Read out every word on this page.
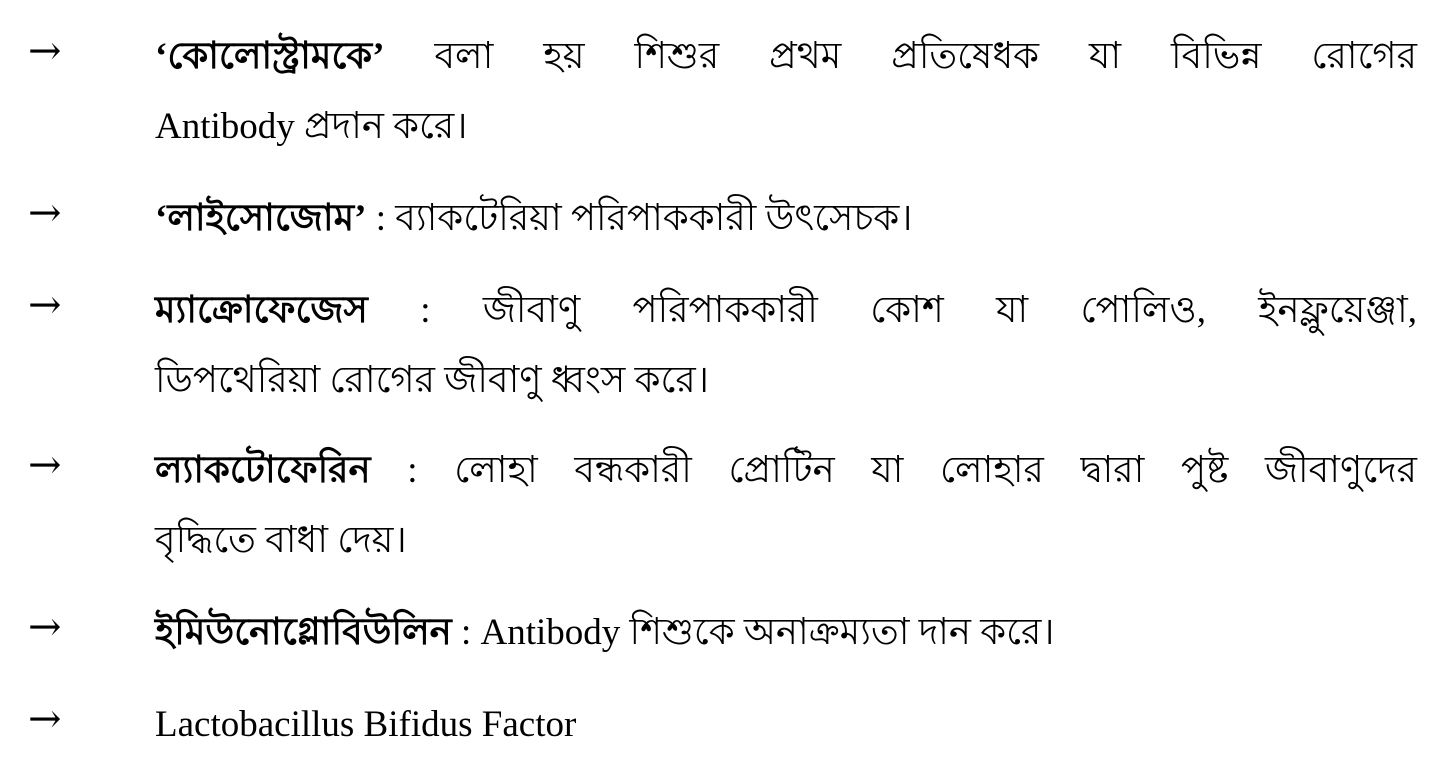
→	‘কোলোস্ট্রামকে’ বলা হয় শিশুর প্রথম প্রতিষেধক যা বিভিন্ন রোগের
Antibody প্রদান করে।
→	‘লাইসোজোম’ : ব্যাকটেরিয়া পরিপাককারী উৎসেচক।
→	ম্যাক্রোফেজেস : জীবাণু পরিপাককারী কোশ যা পোলিও, ইনফ্লুয়েঞ্জা,
ডিপথেরিয়া রোগের জীবাণু ধ্বংস করে।
→	ল্যাকটোফেরিন : লোহা বন্ধকারী প্রোটিন যা লোহার দ্বারা পুষ্ট জীবাণুদের
বৃদ্ধিতে বাধা দেয়।
→	ইমিউনোগ্লোবিউলিন : Antibody শিশুকে অনাক্রম্যতা দান করে।
→	Lactobacillus Bifidus Factor
